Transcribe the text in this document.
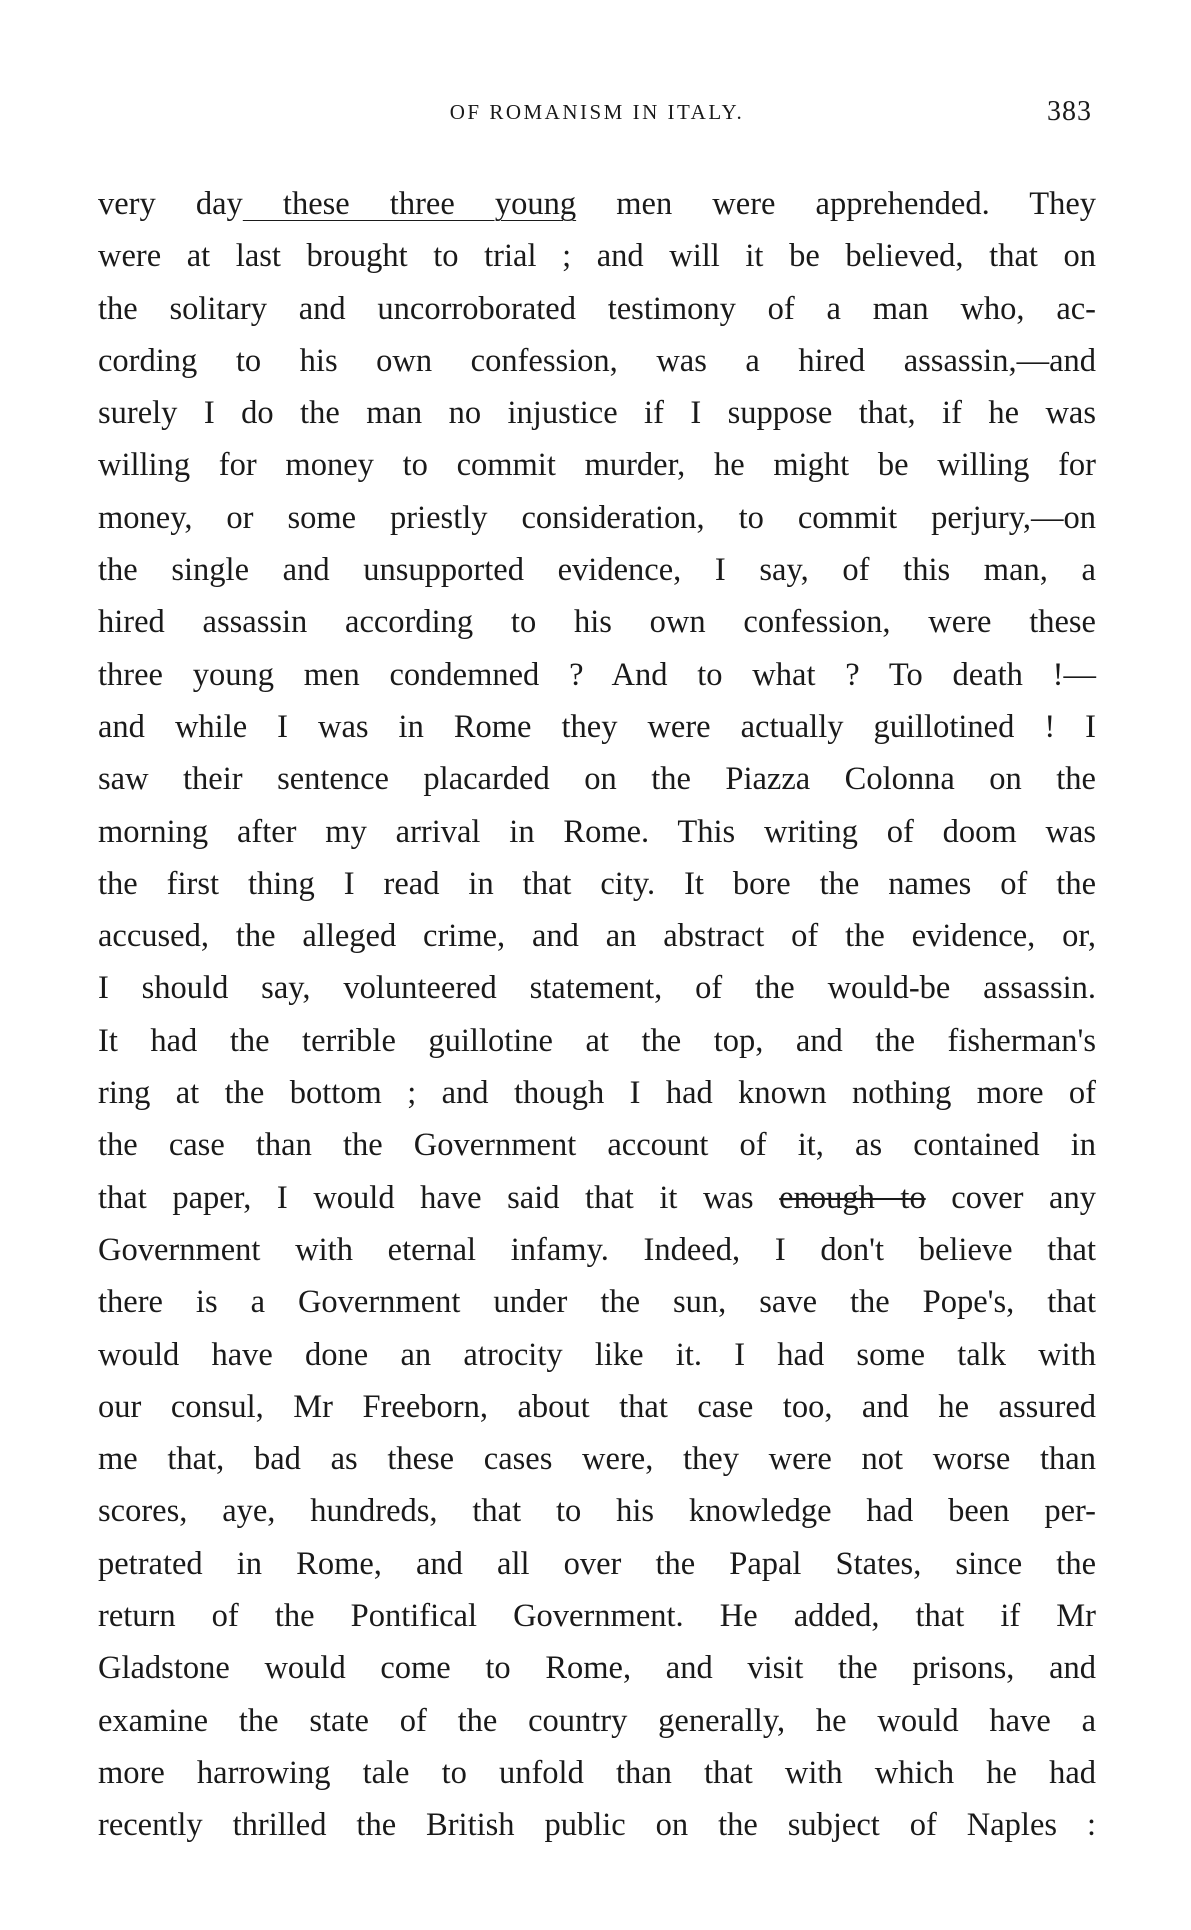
OF ROMANISM IN ITALY.	383
very day these three young men were apprehended. They
were at last brought to trial ; and will it be believed, that on
the solitary and uncorroborated testimony of a man who, ac-
cording to his own confession, was a hired assassin,—and
surely I do the man no injustice if I suppose that, if he was
willing for money to commit murder, he might be willing for
money, or some priestly consideration, to commit perjury,—on
the single and unsupported evidence, I say, of this man, a
hired assassin according to his own confession, were these
three young men condemned ? And to what ? To death !—
and while I was in Rome they were actually guillotined ! I
saw their sentence placarded on the Piazza Colonna on the
morning after my arrival in Rome. This writing of doom was
the first thing I read in that city. It bore the names of the
accused, the alleged crime, and an abstract of the evidence, or,
I should say, volunteered statement, of the would-be assassin.
It had the terrible guillotine at the top, and the fisherman's
ring at the bottom ; and though I had known nothing more of
the case than the Government account of it, as contained in
that paper, I would have said that it was enough to cover any
Government with eternal infamy. Indeed, I don't believe that
there is a Government under the sun, save the Pope's, that
would have done an atrocity like it. I had some talk with
our consul, Mr Freeborn, about that case too, and he assured
me that, bad as these cases were, they were not worse than
scores, aye, hundreds, that to his knowledge had been per-
petrated in Rome, and all over the Papal States, since the
return of the Pontifical Government. He added, that if Mr
Gladstone would come to Rome, and visit the prisons, and
examine the state of the country generally, he would have a
more harrowing tale to unfold than that with which he had
recently thrilled the British public on the subject of Naples :
